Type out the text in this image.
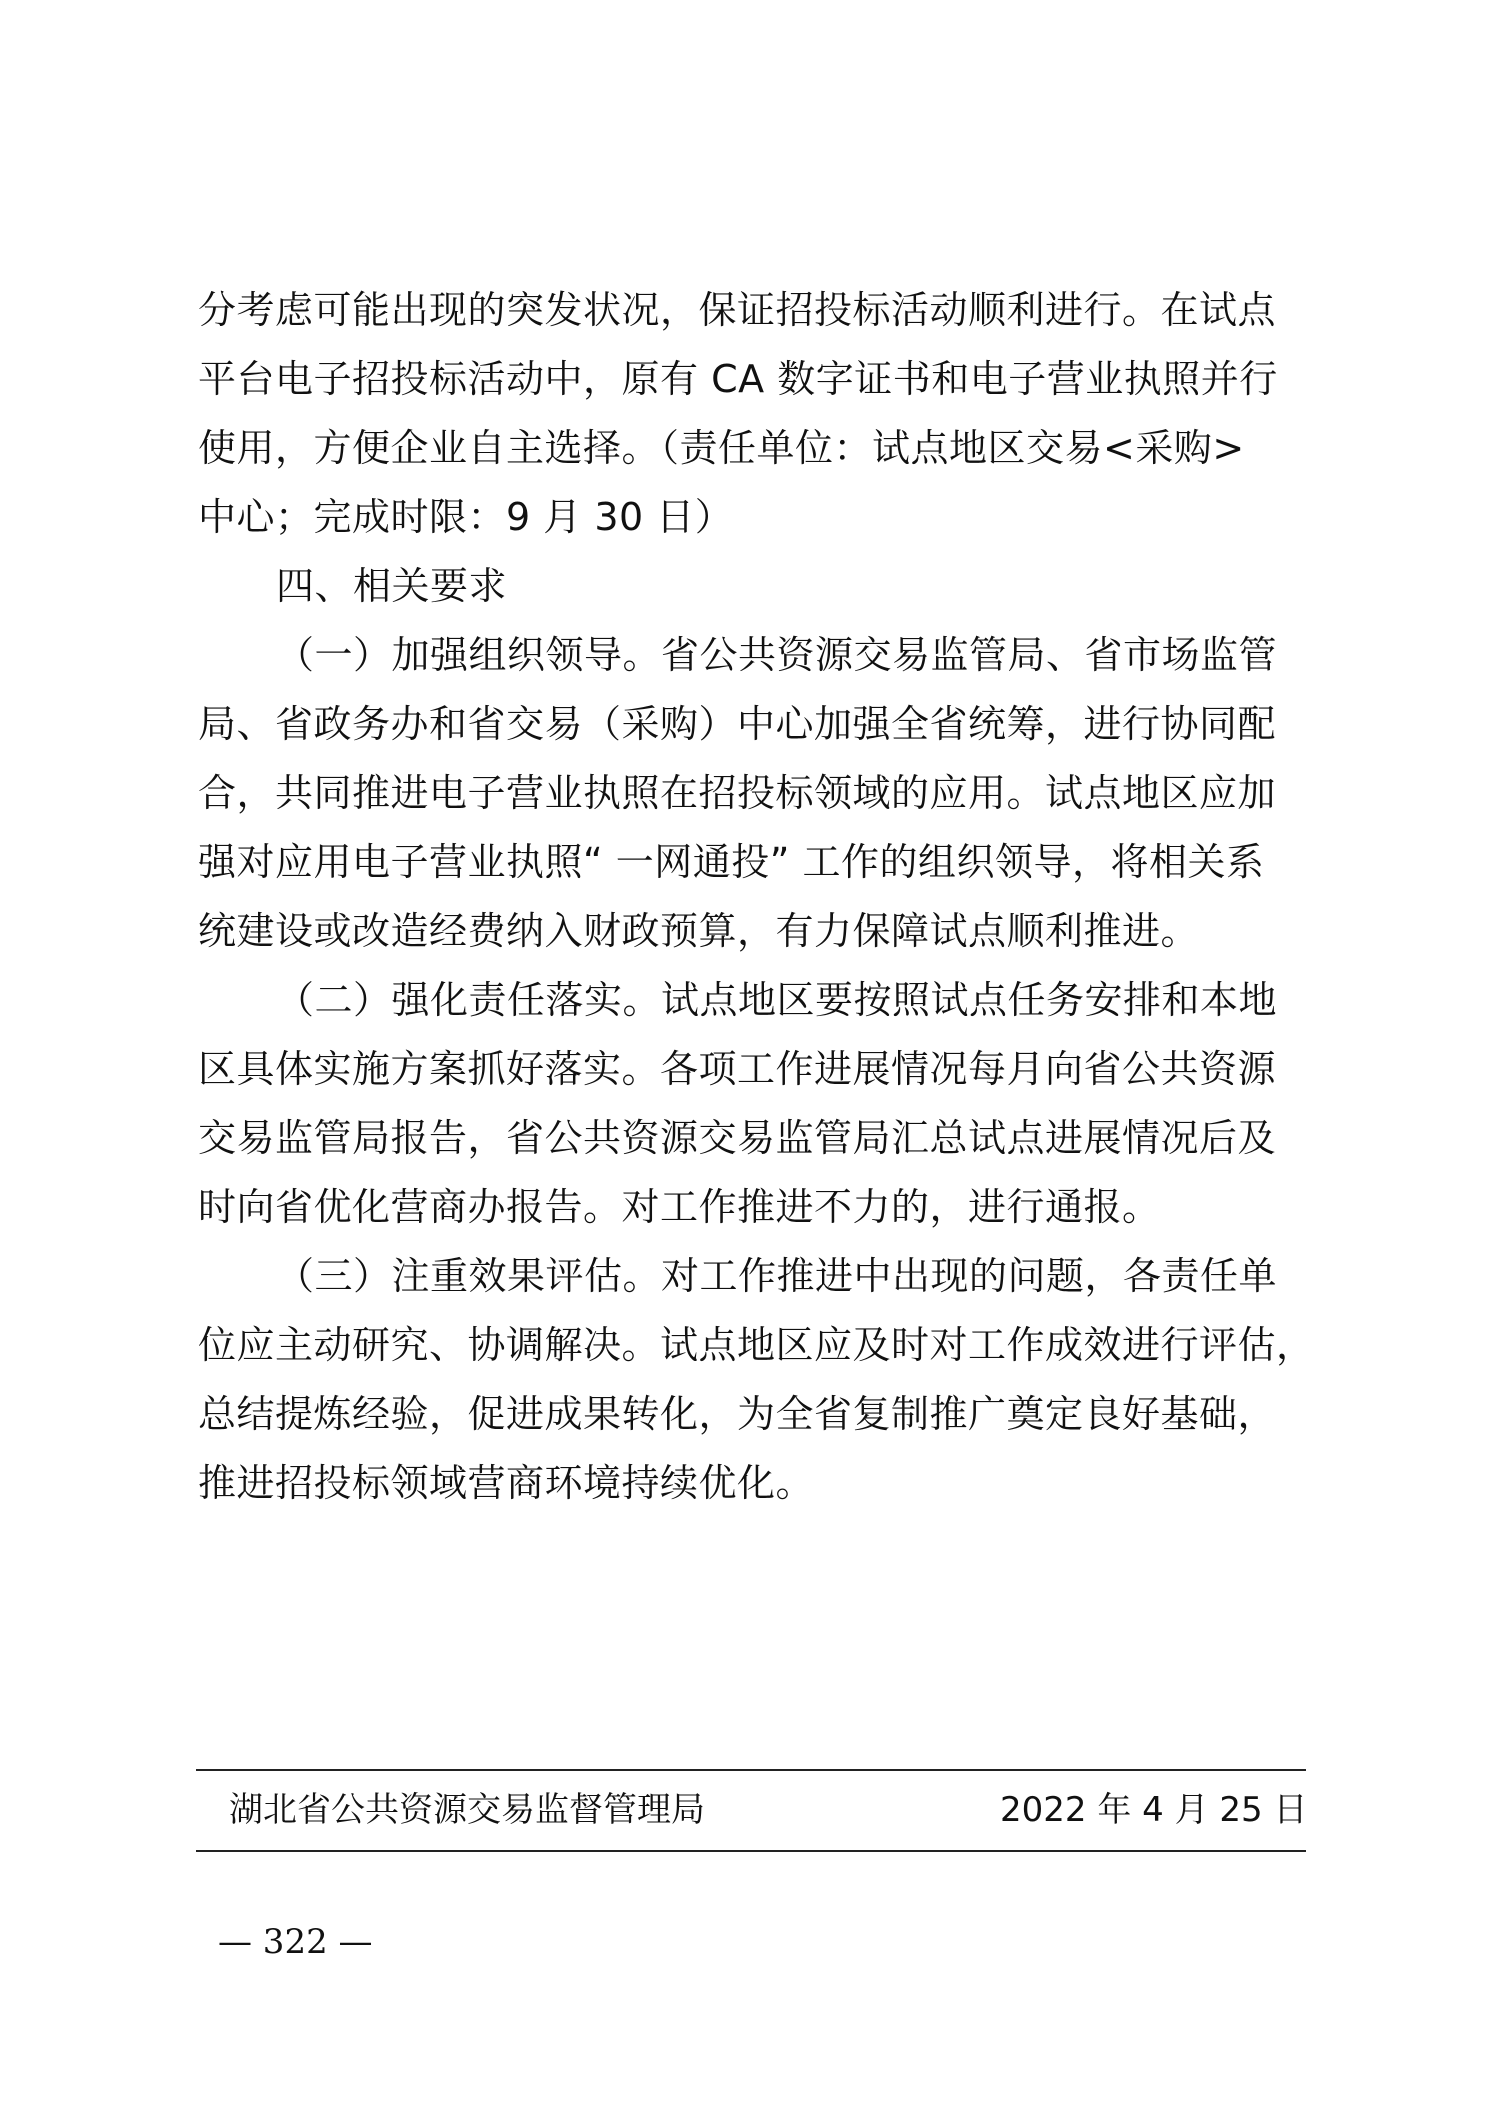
分考虑可能出现的突发状况，保证招投标活动顺利进行。在试点
平台电子招投标活动中，原有 CA 数字证书和电子营业执照并行
使用，方便企业自主选择。（责任单位：试点地区交易<采购>
中心；完成时限：9 月 30 日）
四、相关要求
（一）加强组织领导。省公共资源交易监管局、省市场监管
局、省政务办和省交易（采购）中心加强全省统筹，进行协同配
合，共同推进电子营业执照在招投标领域的应用。试点地区应加
强对应用电子营业执照“ 一网通投” 工作的组织领导，将相关系
统建设或改造经费纳入财政预算，有力保障试点顺利推进。
（二）强化责任落实。试点地区要按照试点任务安排和本地
区具体实施方案抓好落实。各项工作进展情况每月向省公共资源
交易监管局报告，省公共资源交易监管局汇总试点进展情况后及
时向省优化营商办报告。对工作推进不力的，进行通报。
（三）注重效果评估。对工作推进中出现的问题，各责任单
位应主动研究、协调解决。试点地区应及时对工作成效进行评估，
总结提炼经验，促进成果转化，为全省复制推广奠定良好基础，
推进招投标领域营商环境持续优化。
湖北省公共资源交易监督管理局	2022 年 4 月 25 日
— 322 —
